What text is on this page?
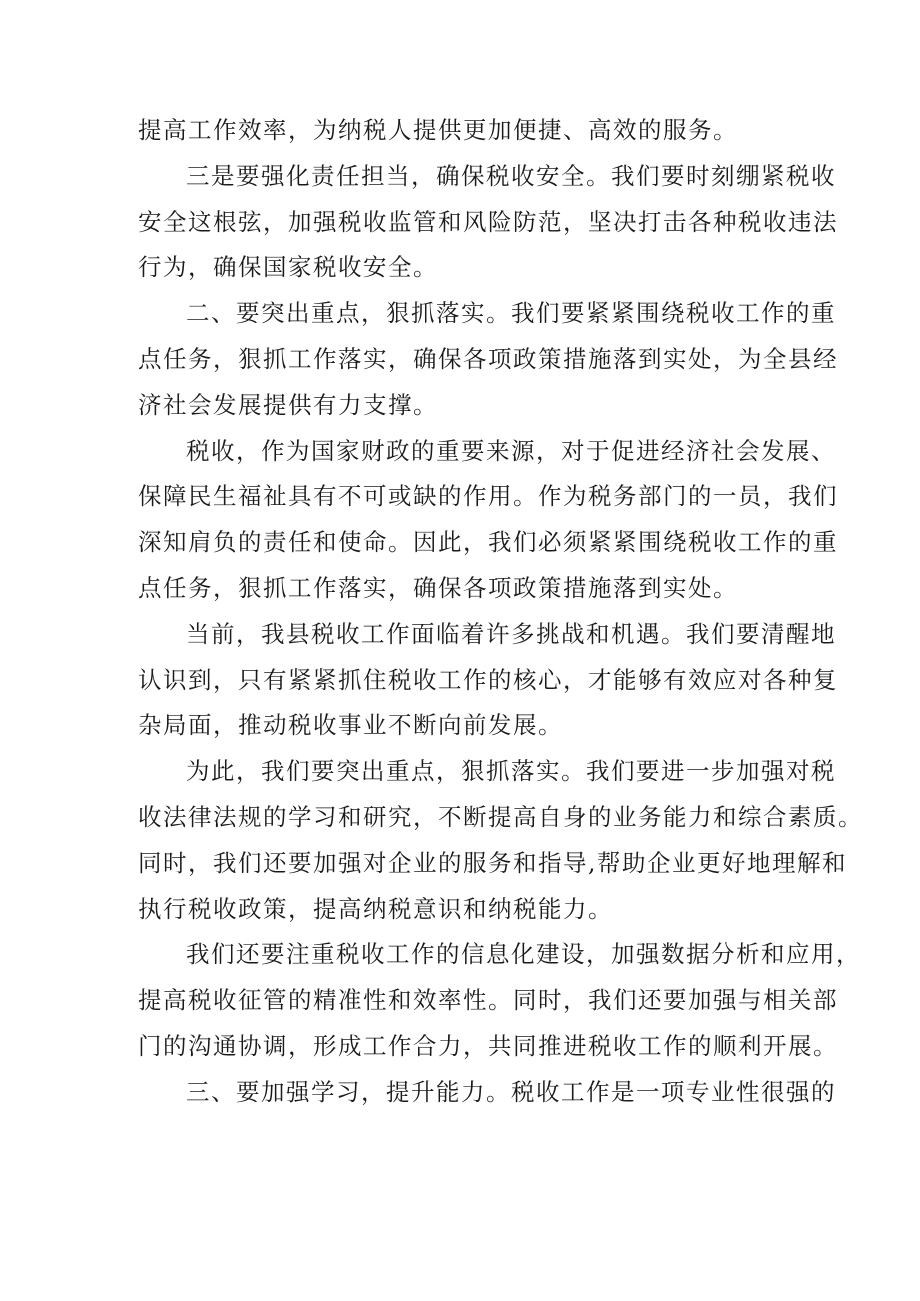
提高工作效率，为纳税人提供更加便捷、高效的服务。
三是要强化责任担当，确保税收安全。我们要时刻绷紧税收
安全这根弦，加强税收监管和风险防范，坚决打击各种税收违法
行为，确保国家税收安全。
二、要突出重点，狠抓落实。我们要紧紧围绕税收工作的重
点任务，狠抓工作落实，确保各项政策措施落到实处，为全县经
济社会发展提供有力支撑。
税收，作为国家财政的重要来源，对于促进经济社会发展、
保障民生福祉具有不可或缺的作用。作为税务部门的一员，我们
深知肩负的责任和使命。因此，我们必须紧紧围绕税收工作的重
点任务，狠抓工作落实，确保各项政策措施落到实处。
当前，我县税收工作面临着许多挑战和机遇。我们要清醒地
认识到，只有紧紧抓住税收工作的核心，才能够有效应对各种复
杂局面，推动税收事业不断向前发展。
为此，我们要突出重点，狠抓落实。我们要进一步加强对税
收法律法规的学习和研究，不断提高自身的业务能力和综合素质。
同时，我们还要加强对企业的服务和指导,帮助企业更好地理解和
执行税收政策，提高纳税意识和纳税能力。
我们还要注重税收工作的信息化建设，加强数据分析和应用，
提高税收征管的精准性和效率性。同时，我们还要加强与相关部
门的沟通协调，形成工作合力，共同推进税收工作的顺利开展。
三、要加强学习，提升能力。税收工作是一项专业性很强的
